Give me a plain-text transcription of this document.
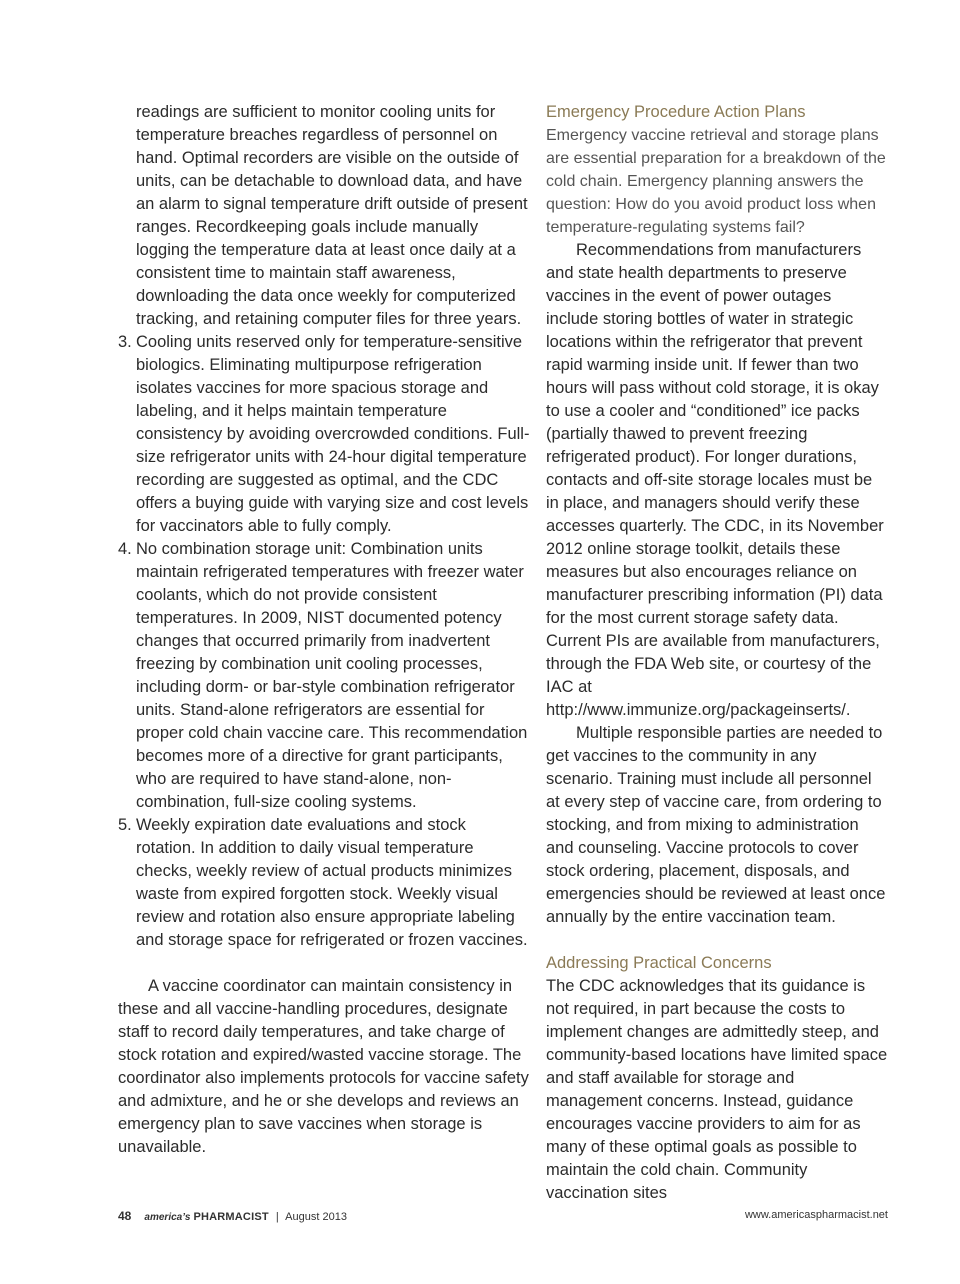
readings are sufficient to monitor cooling units for temperature breaches regardless of personnel on hand. Optimal recorders are visible on the outside of units, can be detachable to download data, and have an alarm to signal temperature drift outside of present ranges. Recordkeeping goals include manually logging the temperature data at least once daily at a consistent time to maintain staff awareness, downloading the data once weekly for computerized tracking, and retaining computer files for three years.

3. Cooling units reserved only for temperature-sensitive biologics. Eliminating multipurpose refrigeration isolates vaccines for more spacious storage and labeling, and it helps maintain temperature consistency by avoiding overcrowded conditions. Full-size refrigerator units with 24-hour digital temperature recording are suggested as optimal, and the CDC offers a buying guide with varying size and cost levels for vaccinators able to fully comply.
4. No combination storage unit: Combination units maintain refrigerated temperatures with freezer water coolants, which do not provide consistent temperatures. In 2009, NIST documented potency changes that occurred primarily from inadvertent freezing by combination unit cooling processes, including dorm- or bar-style combination refrigerator units. Stand-alone refrigerators are essential for proper cold chain vaccine care. This recommendation becomes more of a directive for grant participants, who are required to have stand-alone, non-combination, full-size cooling systems.
5. Weekly expiration date evaluations and stock rotation. In addition to daily visual temperature checks, weekly review of actual products minimizes waste from expired forgotten stock. Weekly visual review and rotation also ensure appropriate labeling and storage space for refrigerated or frozen vaccines.

A vaccine coordinator can maintain consistency in these and all vaccine-handling procedures, designate staff to record daily temperatures, and take charge of stock rotation and expired/wasted vaccine storage. The coordinator also implements protocols for vaccine safety and admixture, and he or she develops and reviews an emergency plan to save vaccines when storage is unavailable.

Emergency Procedure Action Plans

Emergency vaccine retrieval and storage plans are essential preparation for a breakdown of the cold chain. Emergency planning answers the question: How do you avoid product loss when temperature-regulating systems fail?

Recommendations from manufacturers and state health departments to preserve vaccines in the event of power outages include storing bottles of water in strategic locations within the refrigerator that prevent rapid warming inside unit. If fewer than two hours will pass without cold storage, it is okay to use a cooler and “conditioned” ice packs (partially thawed to prevent freezing refrigerated product). For longer durations, contacts and off-site storage locales must be in place, and managers should verify these accesses quarterly. The CDC, in its November 2012 online storage toolkit, details these measures but also encourages reliance on manufacturer prescribing information (PI) data for the most current storage safety data. Current PIs are available from manufacturers, through the FDA Web site, or courtesy of the IAC at http://www.immunize.org/packageinserts/.

Multiple responsible parties are needed to get vaccines to the community in any scenario. Training must include all personnel at every step of vaccine care, from ordering to stocking, and from mixing to administration and counseling. Vaccine protocols to cover stock ordering, placement, disposals, and emergencies should be reviewed at least once annually by the entire vaccination team.

Addressing Practical Concerns

The CDC acknowledges that its guidance is not required, in part because the costs to implement changes are admittedly steep, and community-based locations have limited space and staff available for storage and management concerns. Instead, guidance encourages vaccine providers to aim for as many of these optimal goals as possible to maintain the cold chain. Community vaccination sites

48 america’s PHARMACIST | August 2013	www.americaspharmacist.net
